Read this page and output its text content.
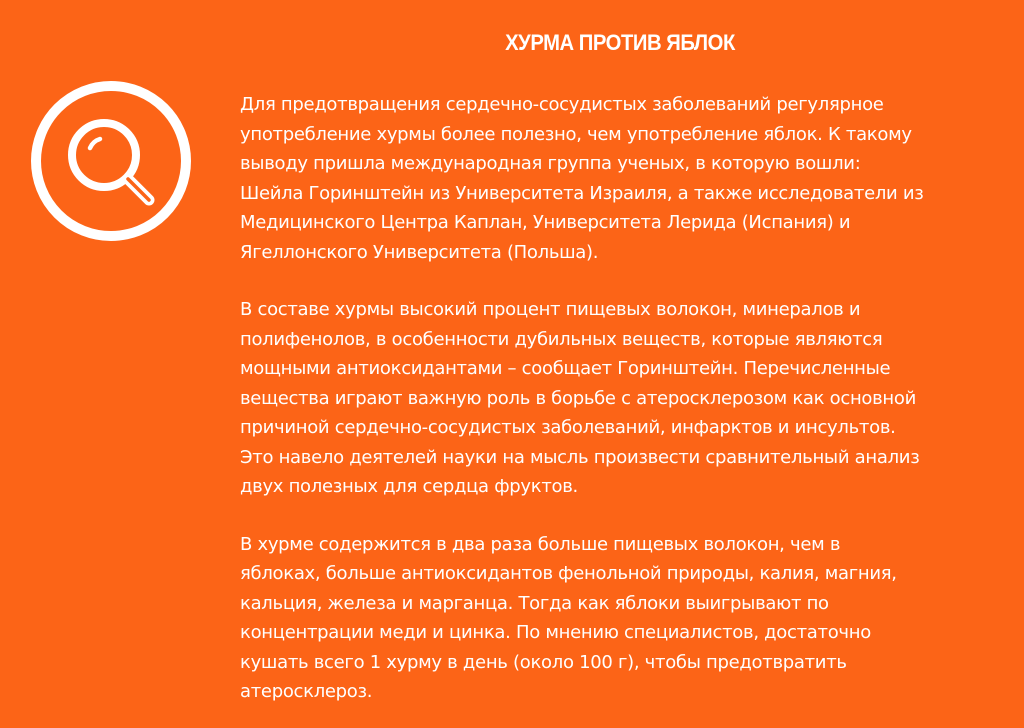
ХУРМА ПРОТИВ ЯБЛОК

Для предотвращения сердечно-сосудистых заболеваний регулярное
употребление хурмы более полезно, чем употребление яблок. К такому
выводу пришла международная группа ученых, в которую вошли:
Шейла Горинштейн из Университета Израиля, а также исследователи из
Медицинского Центра Каплан, Университета Лерида (Испания) и
Ягеллонского Университета (Польша).

В составе хурмы высокий процент пищевых волокон, минералов и
полифенолов, в особенности дубильных веществ, которые являются
мощными антиоксидантами – сообщает Горинштейн. Перечисленные
вещества играют важную роль в борьбе с атеросклерозом как основной
причиной сердечно-сосудистых заболеваний, инфарктов и инсультов.
Это навело деятелей науки на мысль произвести сравнительный анализ
двух полезных для сердца фруктов.

В хурме содержится в два раза больше пищевых волокон, чем в
яблоках, больше антиоксидантов фенольной природы, калия, магния,
кальция, железа и марганца. Тогда как яблоки выигрывают по
концентрации меди и цинка. По мнению специалистов, достаточно
кушать всего 1 хурму в день (около 100 г), чтобы предотвратить
атеросклероз.
